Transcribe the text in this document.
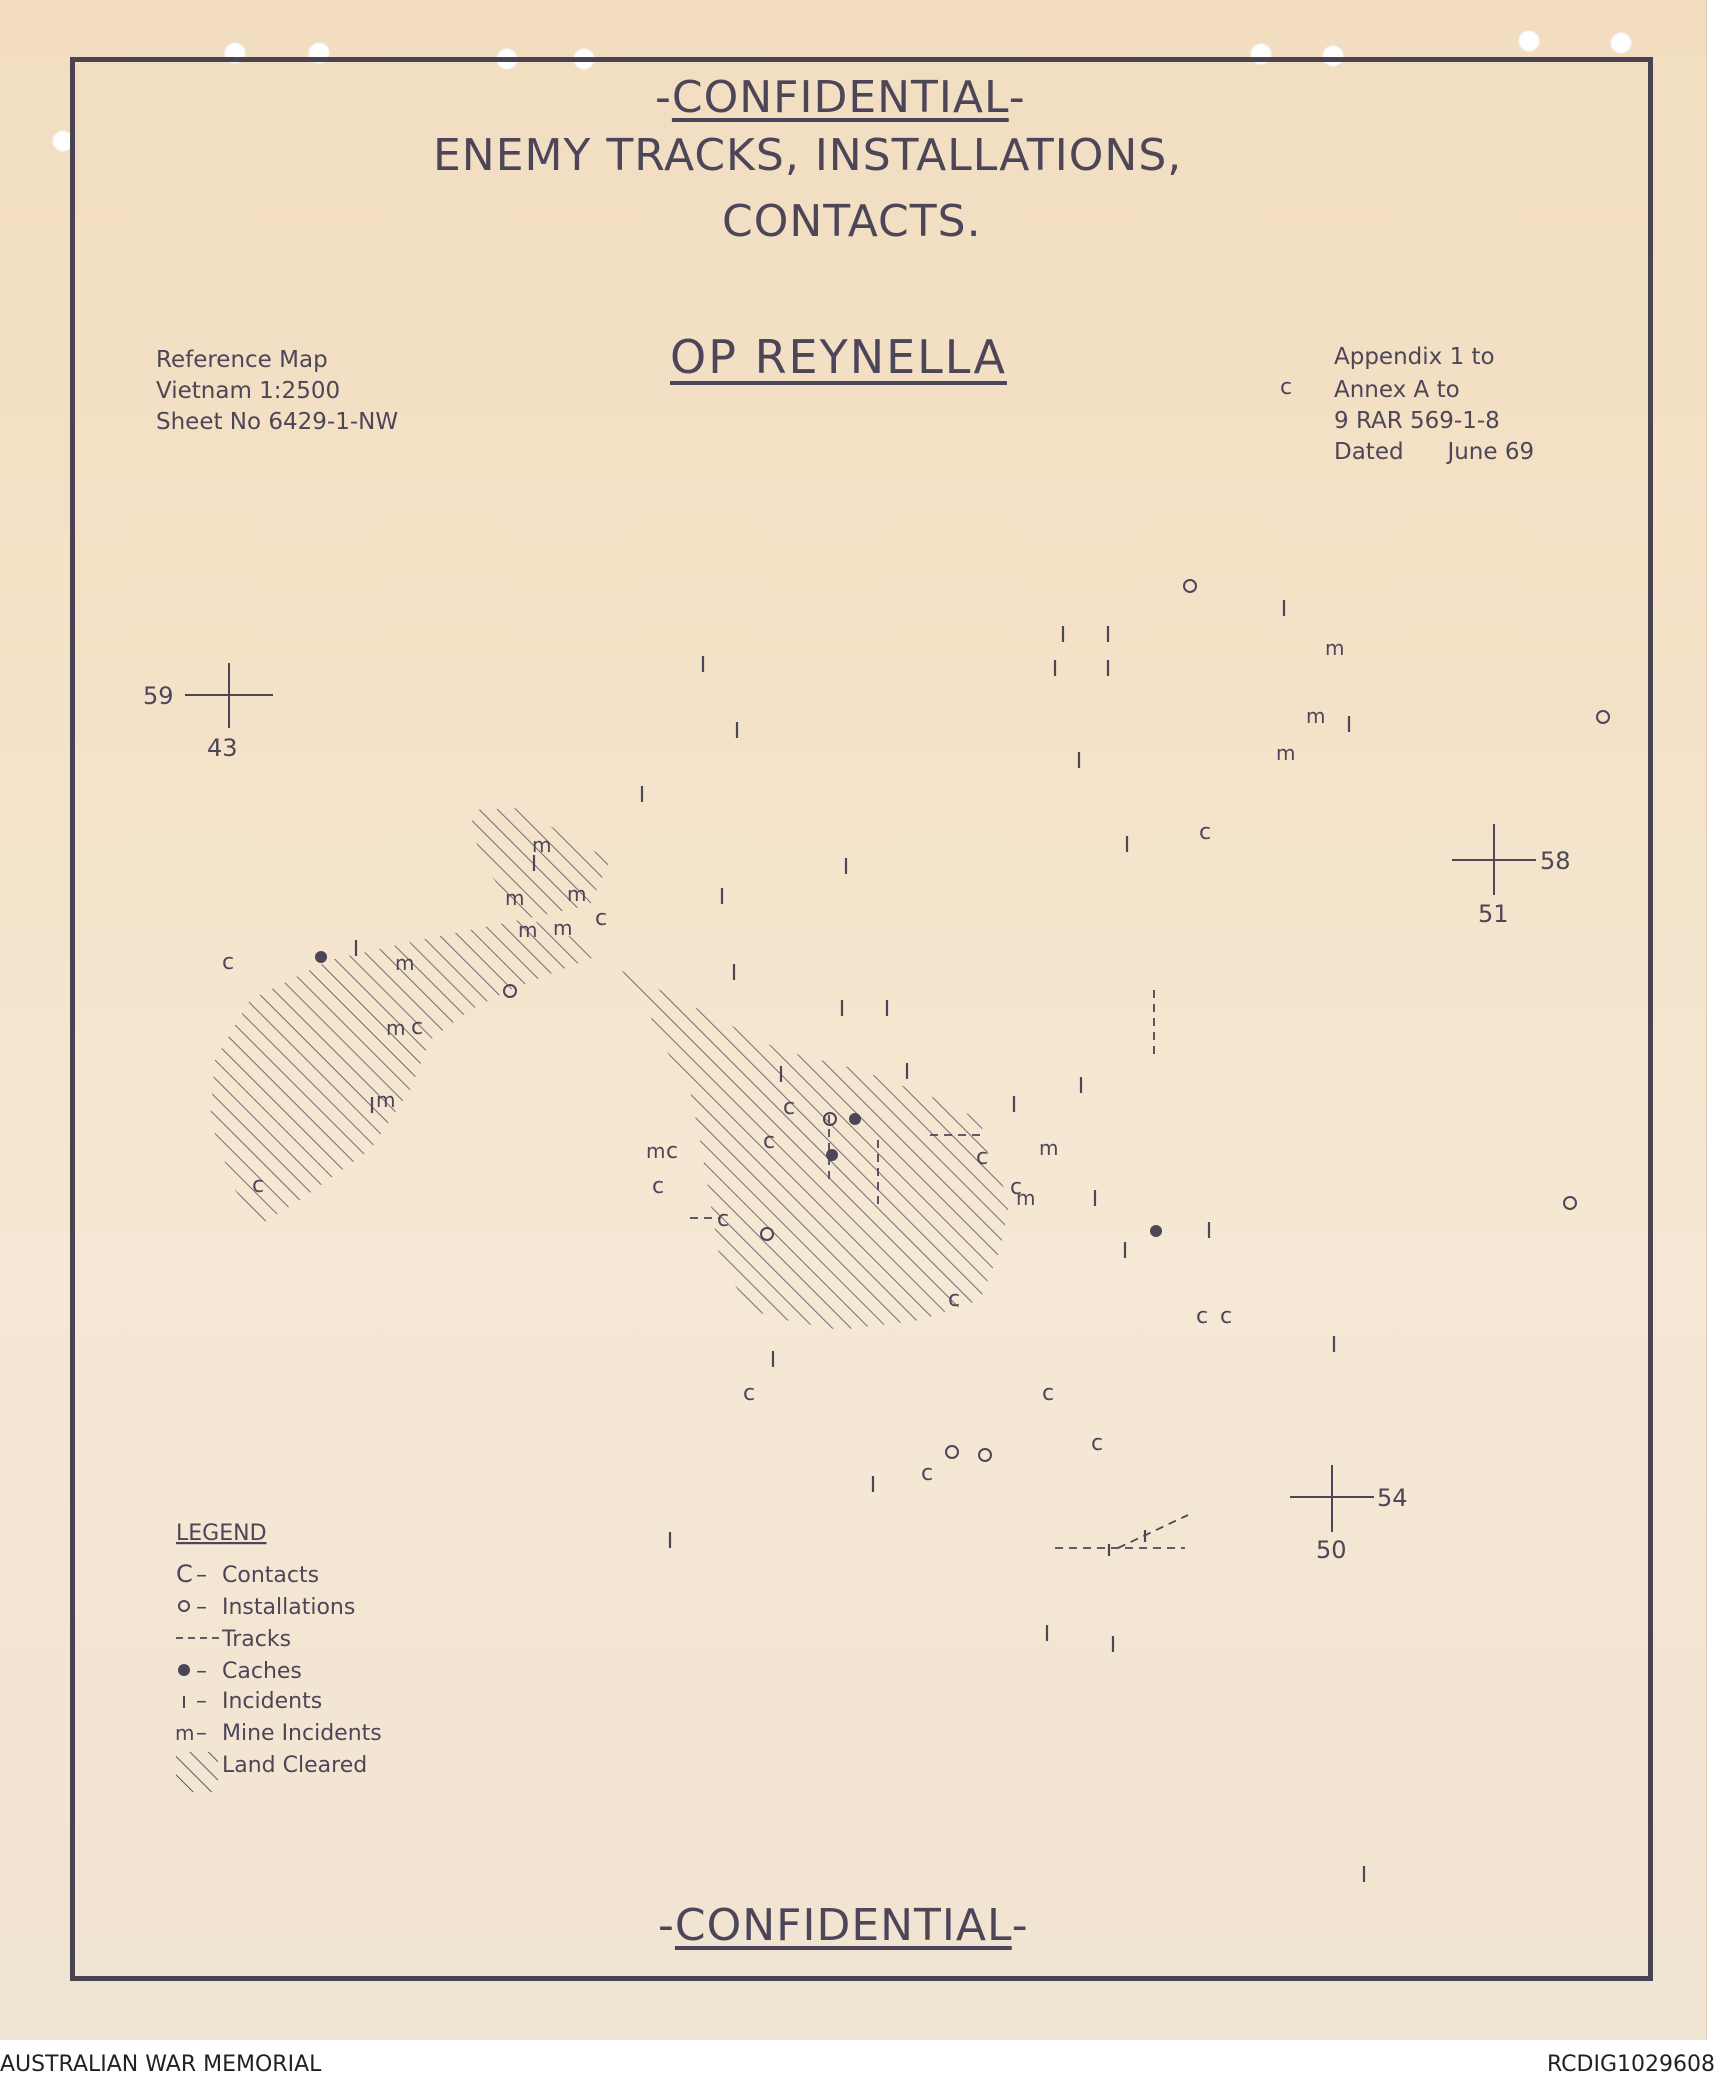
-CONFIDENTIAL-
ENEMY TRACKS, INSTALLATIONS,
CONTACTS.
OP REYNELLA
Reference Map
Vietnam 1:2500
Sheet No 6429-1-NW
Appendix 1 to
Annex A to
9 RAR 569-1-8
Dated      June 69
59
43
58
51
54
50
c
c
c
c
c
c
c
c
c
c
c
c
c
c
c c
c	c
c
c
m
m m
m m
m
m
m
m	m
m
m
m
m
LEGEND
C – Contacts
– Installations
Tracks
– Caches
– Incidents
m – Mine Incidents
Land Cleared
-CONFIDENTIAL-
AUSTRALIAN WAR MEMORIAL	RCDIG1029608
